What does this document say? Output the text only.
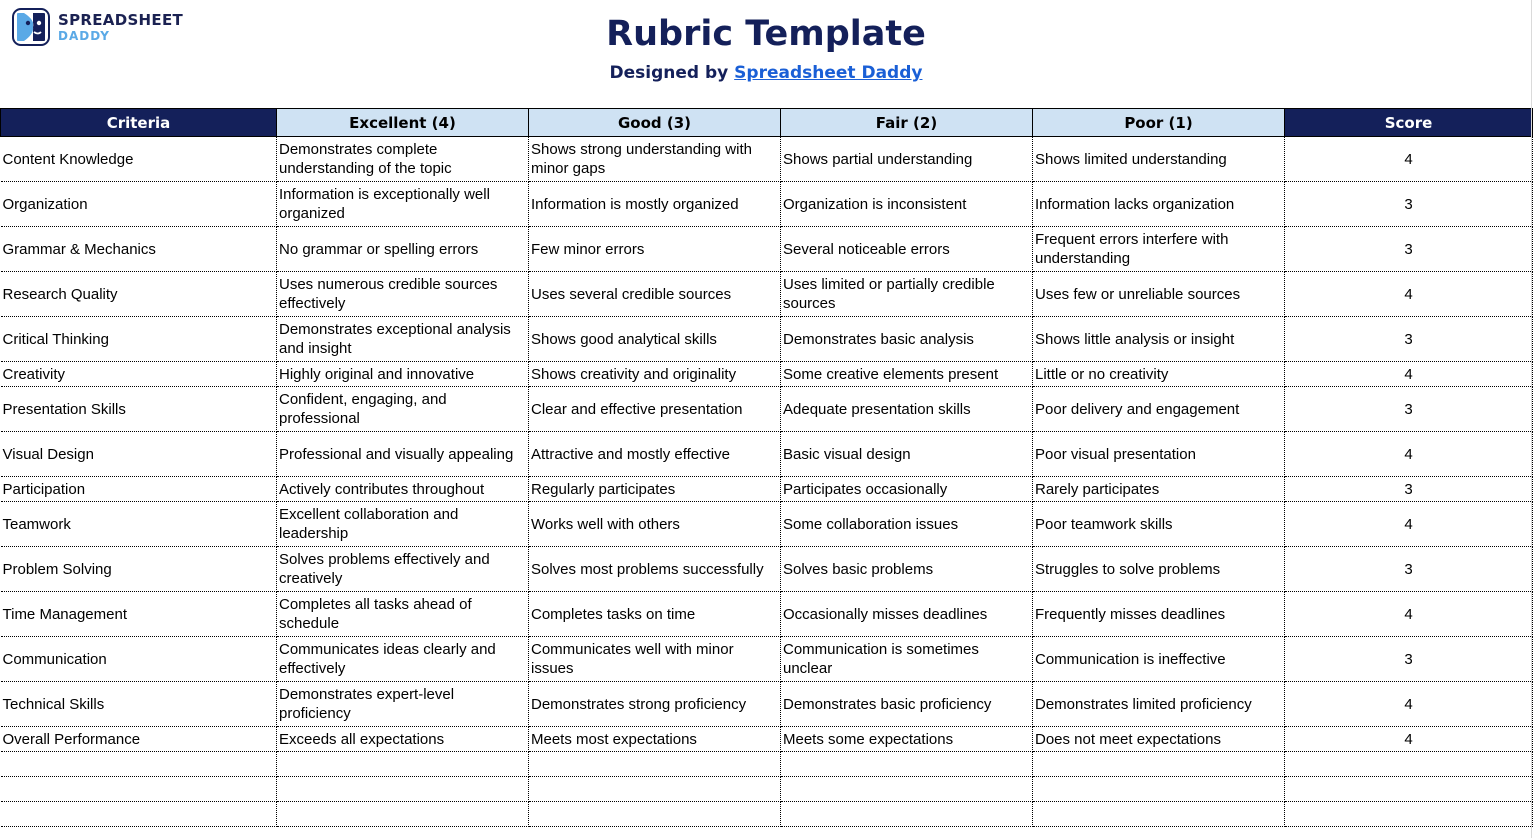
SPREADSHEET
DADDY	Rubric Template
Designed by Spreadsheet Daddy
Criteria	Excellent (4)	Good (3)	Fair (2)	Poor (1)	Score
Content Knowledge	Demonstrates complete understanding of the topic	Shows strong understanding with minor gaps	Shows partial understanding	Shows limited understanding	4
Organization	Information is exceptionally well organized	Information is mostly organized	Organization is inconsistent	Information lacks organization	3
Grammar & Mechanics	No grammar or spelling errors	Few minor errors	Several noticeable errors	Frequent errors interfere with understanding	3
Research Quality	Uses numerous credible sources effectively	Uses several credible sources	Uses limited or partially credible sources	Uses few or unreliable sources	4
Critical Thinking	Demonstrates exceptional analysis and insight	Shows good analytical skills	Demonstrates basic analysis	Shows little analysis or insight	3
Creativity	Highly original and innovative	Shows creativity and originality	Some creative elements present	Little or no creativity	4
Presentation Skills	Confident, engaging, and professional	Clear and effective presentation	Adequate presentation skills	Poor delivery and engagement	3
Visual Design	Professional and visually appealing	Attractive and mostly effective	Basic visual design	Poor visual presentation	4
Participation	Actively contributes throughout	Regularly participates	Participates occasionally	Rarely participates	3
Teamwork	Excellent collaboration and leadership	Works well with others	Some collaboration issues	Poor teamwork skills	4
Problem Solving	Solves problems effectively and creatively	Solves most problems successfully	Solves basic problems	Struggles to solve problems	3
Time Management	Completes all tasks ahead of schedule	Completes tasks on time	Occasionally misses deadlines	Frequently misses deadlines	4
Communication	Communicates ideas clearly and effectively	Communicates well with minor issues	Communication is sometimes unclear	Communication is ineffective	3
Technical Skills	Demonstrates expert-level proficiency	Demonstrates strong proficiency	Demonstrates basic proficiency	Demonstrates limited proficiency	4
Overall Performance	Exceeds all expectations	Meets most expectations	Meets some expectations	Does not meet expectations	4
